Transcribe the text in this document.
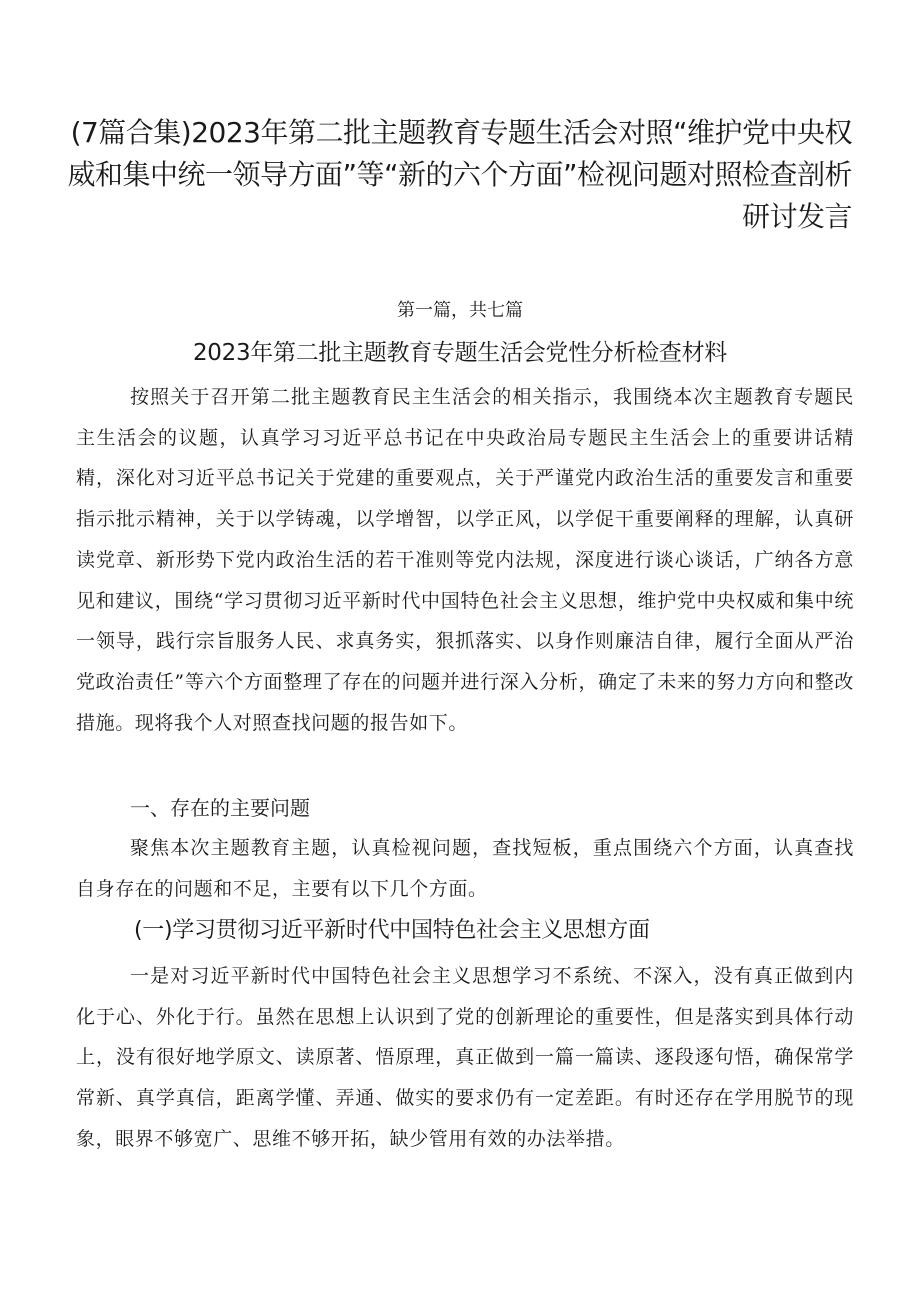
(7篇合集)2023年第二批主题教育专题生活会对照“维护党中央权威和集中统一领导方面”等“新的六个方面”检视问题对照检查剖析研讨发言
第一篇，共七篇
2023年第二批主题教育专题生活会党性分析检查材料

按照关于召开第二批主题教育民主生活会的相关指示，我围绕本次主题教育专题民主生活会的议题，认真学习习近平总书记在中央政治局专题民主生活会上的重要讲话精精，深化对习近平总书记关于党建的重要观点，关于严谨党内政治生活的重要发言和重要指示批示精神，关于以学铸魂，以学增智，以学正风，以学促干重要阐释的理解，认真研读党章、新形势下党内政治生活的若干准则等党内法规，深度进行谈心谈话，广纳各方意见和建议，围绕“学习贯彻习近平新时代中国特色社会主义思想，维护党中央权威和集中统一领导，践行宗旨服务人民、求真务实，狠抓落实、以身作则廉洁自律，履行全面从严治党政治责任”等六个方面整理了存在的问题并进行深入分析，确定了未来的努力方向和整改措施。现将我个人对照查找问题的报告如下。

一、存在的主要问题

聚焦本次主题教育主题，认真检视问题，查找短板，重点围绕六个方面，认真查找自身存在的问题和不足，主要有以下几个方面。

(一)学习贯彻习近平新时代中国特色社会主义思想方面

一是对习近平新时代中国特色社会主义思想学习不系统、不深入，没有真正做到内化于心、外化于行。虽然在思想上认识到了党的创新理论的重要性，但是落实到具体行动上，没有很好地学原文、读原著、悟原理，真正做到一篇一篇读、逐段逐句悟，确保常学常新、真学真信，距离学懂、弄通、做实的要求仍有一定差距。有时还存在学用脱节的现象，眼界不够宽广、思维不够开拓，缺少管用有效的办法举措。
